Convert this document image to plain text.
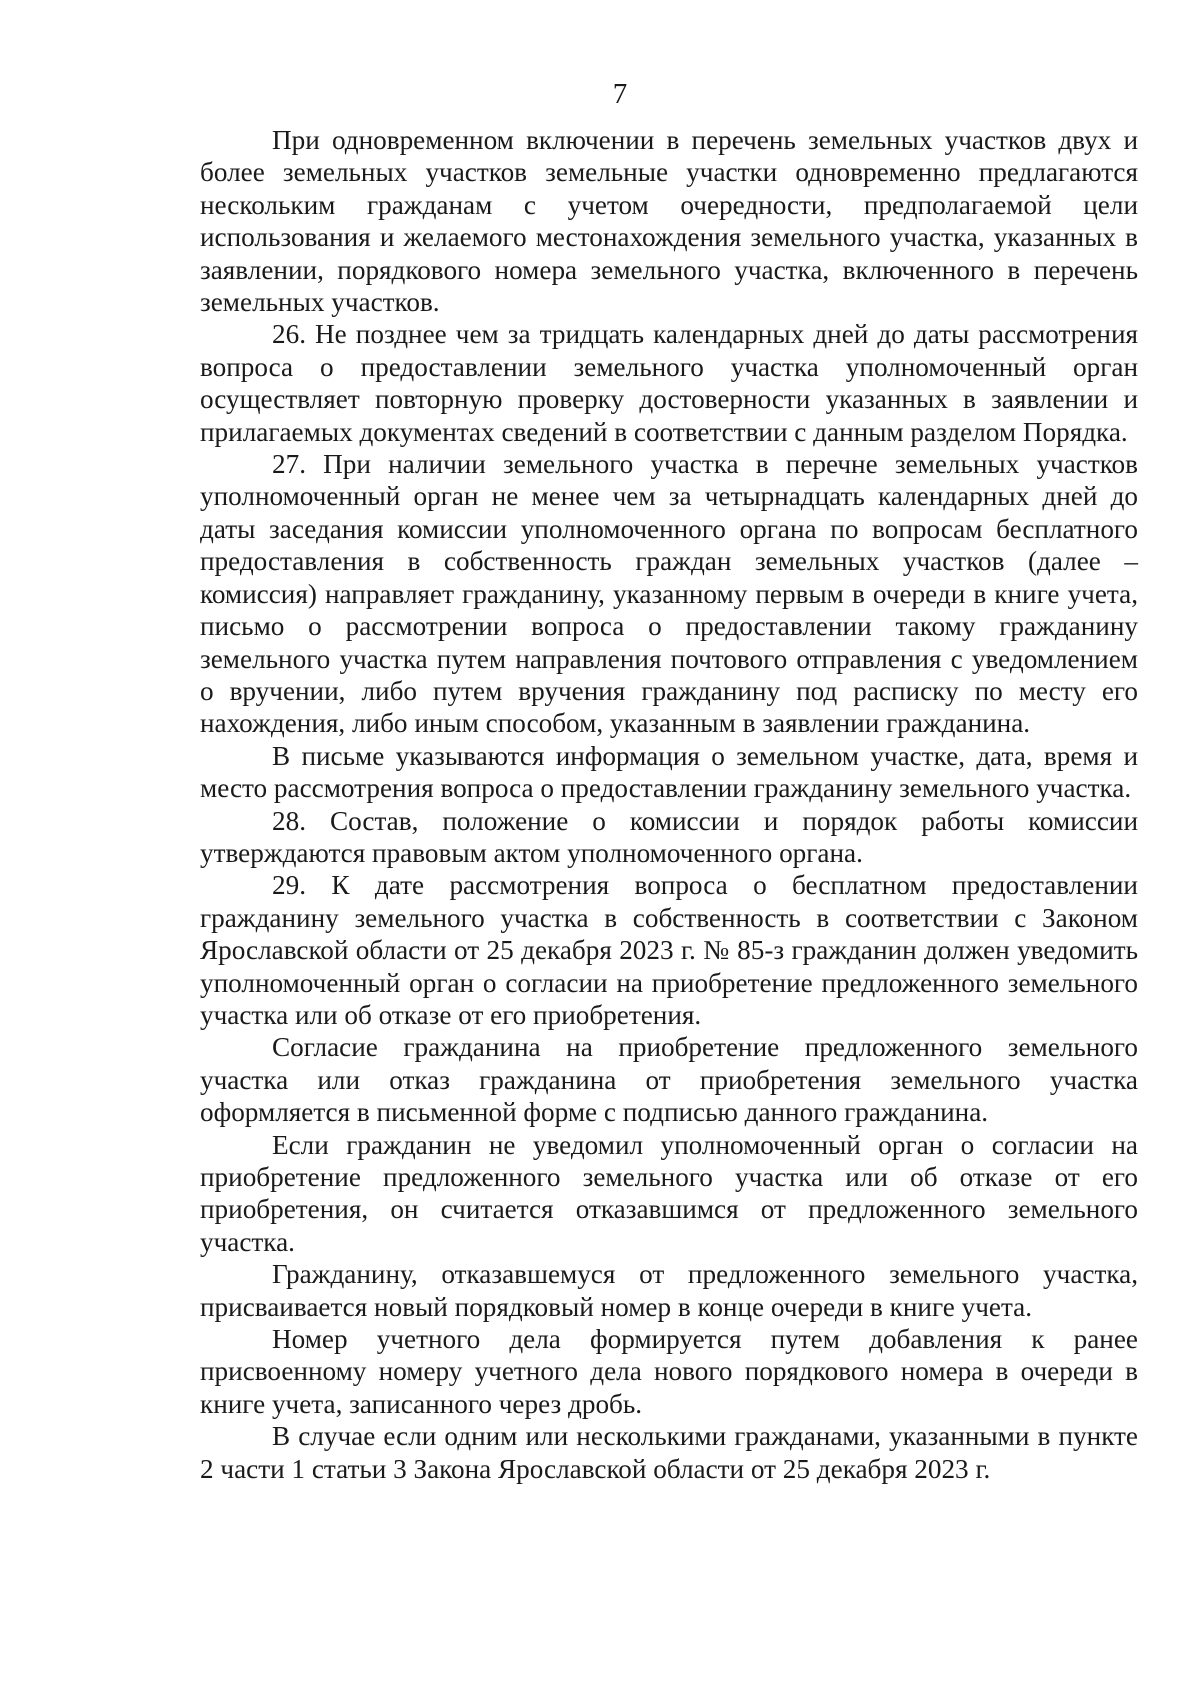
7

При одновременном включении в перечень земельных участков двух и более земельных участков земельные участки одновременно предлагаются нескольким гражданам с учетом очередности, предполагаемой цели использования и желаемого местонахождения земельного участка, указанных в заявлении, порядкового номера земельного участка, включенного в перечень земельных участков.

26. Не позднее чем за тридцать календарных дней до даты рассмотрения вопроса о предоставлении земельного участка уполномоченный орган осуществляет повторную проверку достоверности указанных в заявлении и прилагаемых документах сведений в соответствии с данным разделом Порядка.

27. При наличии земельного участка в перечне земельных участков уполномоченный орган не менее чем за четырнадцать календарных дней до даты заседания комиссии уполномоченного органа по вопросам бесплатного предоставления в собственность граждан земельных участков (далее – комиссия) направляет гражданину, указанному первым в очереди в книге учета, письмо о рассмотрении вопроса о предоставлении такому гражданину земельного участка путем направления почтового отправления с уведомлением о вручении, либо путем вручения гражданину под расписку по месту его нахождения, либо иным способом, указанным в заявлении гражданина.

В письме указываются информация о земельном участке, дата, время и место рассмотрения вопроса о предоставлении гражданину земельного участка.

28. Состав, положение о комиссии и порядок работы комиссии утверждаются правовым актом уполномоченного органа.

29. К дате рассмотрения вопроса о бесплатном предоставлении гражданину земельного участка в собственность в соответствии с Законом Ярославской области от 25 декабря 2023 г. № 85-з гражданин должен уведомить уполномоченный орган о согласии на приобретение предложенного земельного участка или об отказе от его приобретения.

Согласие гражданина на приобретение предложенного земельного участка или отказ гражданина от приобретения земельного участка оформляется в письменной форме с подписью данного гражданина.

Если гражданин не уведомил уполномоченный орган о согласии на приобретение предложенного земельного участка или об отказе от его приобретения, он считается отказавшимся от предложенного земельного участка.

Гражданину, отказавшемуся от предложенного земельного участка, присваивается новый порядковый номер в конце очереди в книге учета.

Номер учетного дела формируется путем добавления к ранее присвоенному номеру учетного дела нового порядкового номера в очереди в книге учета, записанного через дробь.

В случае если одним или несколькими гражданами, указанными в пункте 2 части 1 статьи 3 Закона Ярославской области от 25 декабря 2023 г.
